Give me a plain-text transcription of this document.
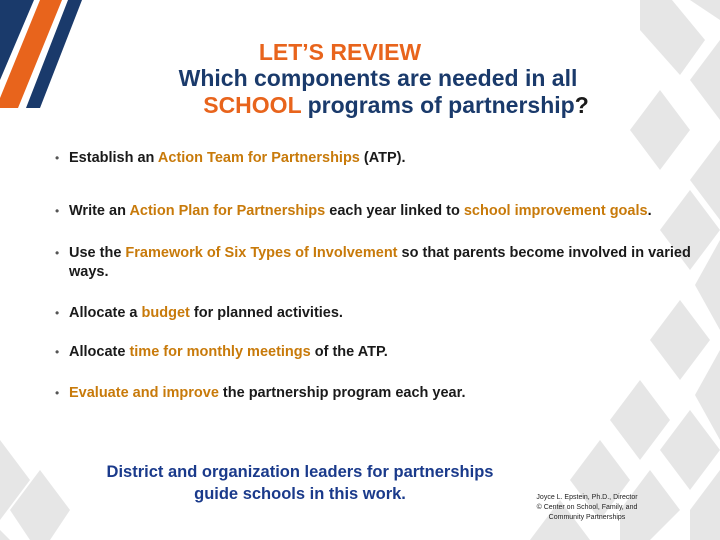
LET’S REVIEW
Which components are needed in all
SCHOOL programs of partnership?
• Establish an Action Team for Partnerships (ATP).
• Write an Action Plan for Partnerships each year linked to school improvement goals.
• Use the Framework of Six Types of Involvement so that parents become involved in varied ways.
• Allocate a budget for planned activities.
• Allocate time for monthly meetings of the ATP.
• Evaluate and improve the partnership program each year.
District and organization leaders for partnerships
guide schools in this work.	Joyce L. Epstein, Ph.D., Director
© Center on School, Family, and
Community Partnerships
